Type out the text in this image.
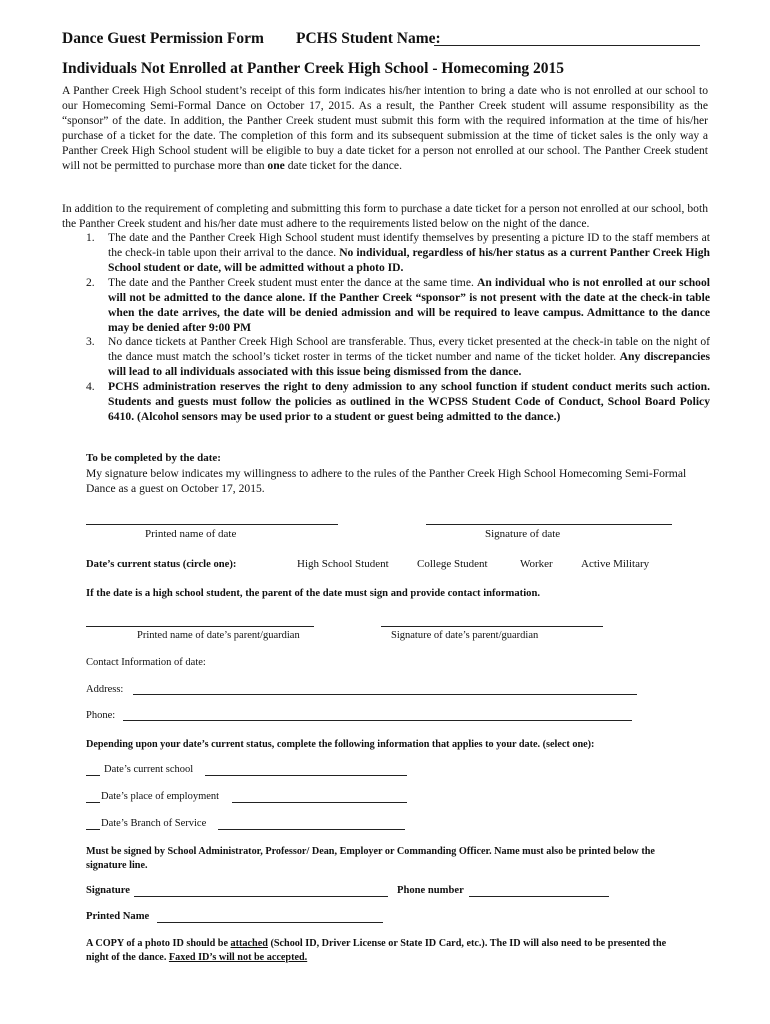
Dance Guest Permission Form PCHS Student Name:
Individuals Not Enrolled at Panther Creek High School - Homecoming 2015
A Panther Creek High School student’s receipt of this form indicates his/her intention to bring a date who is not enrolled at our school to our Homecoming Semi-Formal Dance on October 17, 2015. As a result, the Panther Creek student will assume responsibility as the “sponsor” of the date. In addition, the Panther Creek student must submit this form with the required information at the time of his/her purchase of a ticket for the date. The completion of this form and its subsequent submission at the time of ticket sales is the only way a Panther Creek High School student will be eligible to buy a date ticket for a person not enrolled at our school. The Panther Creek student will not be permitted to purchase more than one date ticket for the dance.
In addition to the requirement of completing and submitting this form to purchase a date ticket for a person not enrolled at our school, both the Panther Creek student and his/her date must adhere to the requirements listed below on the night of the dance.
1.	The date and the Panther Creek High School student must identify themselves by presenting a picture ID to the staff members at the check-in table upon their arrival to the dance. No individual, regardless of his/her status as a current Panther Creek High School student or date, will be admitted without a photo ID.
2.	The date and the Panther Creek student must enter the dance at the same time. An individual who is not enrolled at our school will not be admitted to the dance alone. If the Panther Creek “sponsor” is not present with the date at the check-in table when the date arrives, the date will be denied admission and will be required to leave campus. Admittance to the dance may be denied after 9:00 PM
3.	No dance tickets at Panther Creek High School are transferable. Thus, every ticket presented at the check-in table on the night of the dance must match the school’s ticket roster in terms of the ticket number and name of the ticket holder. Any discrepancies will lead to all individuals associated with this issue being dismissed from the dance.
4.	PCHS administration reserves the right to deny admission to any school function if student conduct merits such action. Students and guests must follow the policies as outlined in the WCPSS Student Code of Conduct, School Board Policy 6410. (Alcohol sensors may be used prior to a student or guest being admitted to the dance.)
To be completed by the date:
My signature below indicates my willingness to adhere to the rules of the Panther Creek High School Homecoming Semi-Formal Dance as a guest on October 17, 2015.
Printed name of date	Signature of date
Date’s current status (circle one):	High School Student	College Student	Worker	Active Military
If the date is a high school student, the parent of the date must sign and provide contact information.
Printed name of date’s parent/guardian	Signature of date’s parent/guardian
Contact Information of date:
Address:
Phone:
Depending upon your date’s current status, complete the following information that applies to your date. (select one):
Date’s current school
Date’s place of employment
Date’s Branch of Service
Must be signed by School Administrator, Professor/ Dean, Employer or Commanding Officer. Name must also be printed below the signature line.
Signature	Phone number
Printed Name
A COPY of a photo ID should be attached (School ID, Driver License or State ID Card, etc.). The ID will also need to be presented the night of the dance. Faxed ID’s will not be accepted.
